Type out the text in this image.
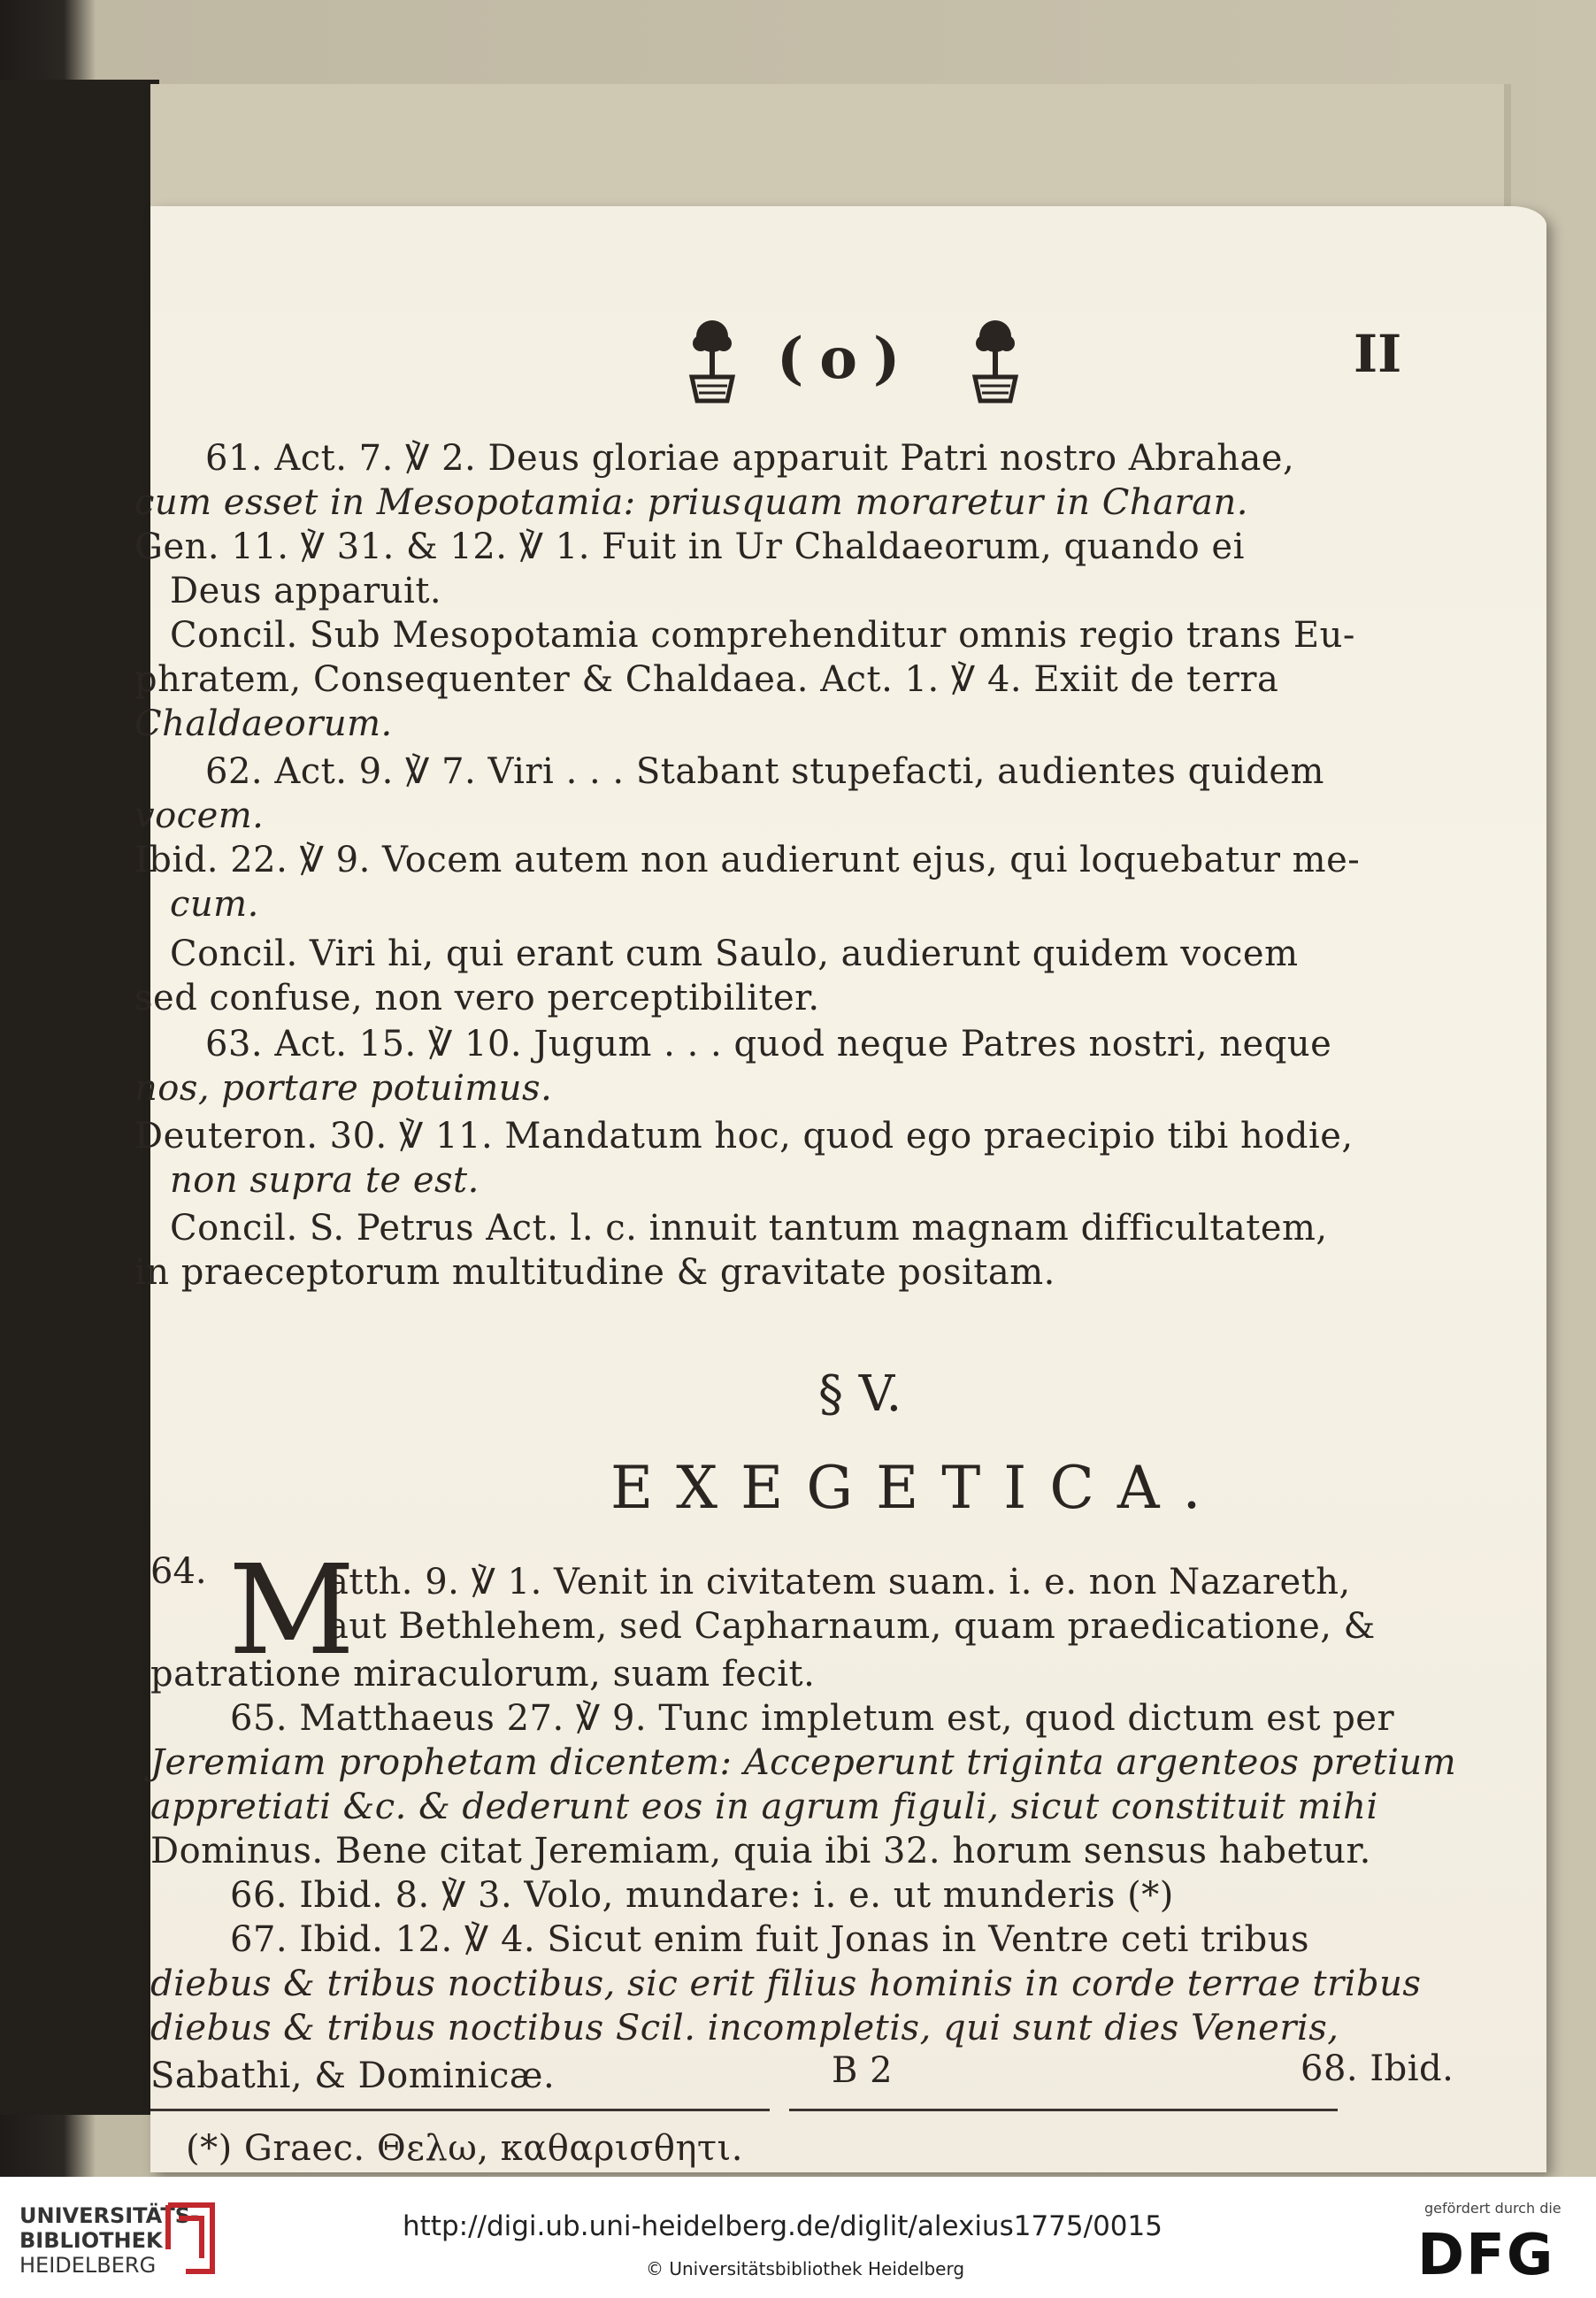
(o)	II
61. Act. 7. ℣ 2. Deus gloriae apparuit Patri nostro Abrahae,
cum esset in Mesopotamia: priusquam moraretur in Charan.
Gen. 11. ℣ 31. & 12. ℣ 1. Fuit in Ur Chaldaeorum, quando ei
Deus apparuit.
Concil. Sub Mesopotamia comprehenditur omnis regio trans Eu-
phratem, Consequenter & Chaldaea. Act. 1. ℣ 4. Exiit de terra
Chaldaeorum.
62. Act. 9. ℣ 7. Viri . . . Stabant stupefacti, audientes quidem
vocem.
Ibid. 22. ℣ 9. Vocem autem non audierunt ejus, qui loquebatur me-
cum.
Concil. Viri hi, qui erant cum Saulo, audierunt quidem vocem
sed confuse, non vero perceptibiliter.
63. Act. 15. ℣ 10. Jugum . . . quod neque Patres nostri, neque
nos, portare potuimus.
Deuteron. 30. ℣ 11. Mandatum hoc, quod ego praecipio tibi hodie,
non supra te est.
Concil. S. Petrus Act. l. c. innuit tantum magnam difficultatem,
in praeceptorum multitudine & gravitate positam.
§ V.
EXEGETICA.
64. M
atth. 9. ℣ 1. Venit in civitatem suam. i. e. non Nazareth,
aut Bethlehem, sed Capharnaum, quam praedicatione, &
patratione miraculorum, suam fecit.
65. Matthaeus 27. ℣ 9. Tunc impletum est, quod dictum est per
Jeremiam prophetam dicentem: Acceperunt triginta argenteos pretium
appretiati &c. & dederunt eos in agrum figuli, sicut constituit mihi
Dominus. Bene citat Jeremiam, quia ibi 32. horum sensus habetur.
66. Ibid. 8. ℣ 3. Volo, mundare: i. e. ut munderis (*)
67. Ibid. 12. ℣ 4. Sicut enim fuit Jonas in Ventre ceti tribus
diebus & tribus noctibus, sic erit filius hominis in corde terrae tribus
diebus & tribus noctibus Scil. incompletis, qui sunt dies Veneris,
Sabathi, & Dominicæ.	B 2	68. Ibid.
(*) Graec. Θελω, καθαρισθητι.
UNIVERSITÄTS-
BIBLIOTHEK
HEIDELBERG
http://digi.ub.uni-heidelberg.de/diglit/alexius1775/0015
© Universitätsbibliothek Heidelberg
gefördert durch die
DFG
